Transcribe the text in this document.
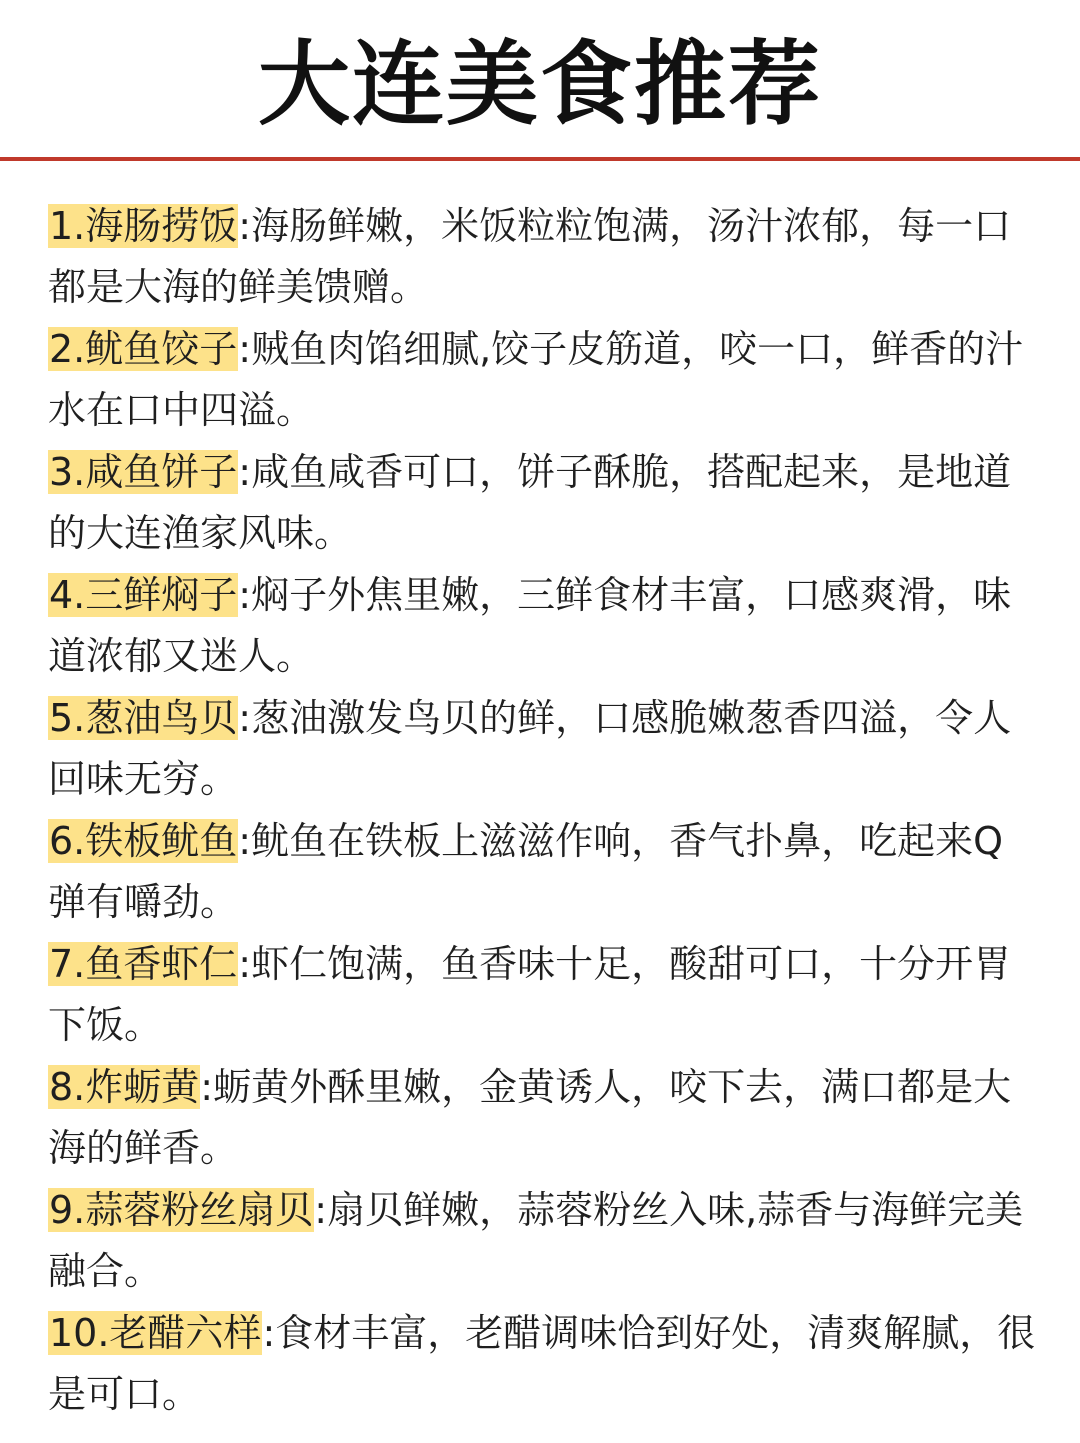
大连美食推荐
1.海肠捞饭:海肠鲜嫩，米饭粒粒饱满，汤汁浓郁，每一口都是大海的鲜美馈赠。
2.鱿鱼饺子:贼鱼肉馅细腻,饺子皮筋道，咬一口，鲜香的汁水在口中四溢。
3.咸鱼饼子:咸鱼咸香可口，饼子酥脆，搭配起来，是地道的大连渔家风味。
4.三鲜焖子:焖子外焦里嫩，三鲜食材丰富，口感爽滑，味道浓郁又迷人。
5.葱油鸟贝:葱油激发鸟贝的鲜，口感脆嫩葱香四溢，令人回味无穷。
6.铁板鱿鱼:鱿鱼在铁板上滋滋作响，香气扑鼻，吃起来Q弹有嚼劲。
7.鱼香虾仁:虾仁饱满，鱼香味十足，酸甜可口，十分开胃下饭。
8.炸蛎黄:蛎黄外酥里嫩，金黄诱人，咬下去，满口都是大海的鲜香。
9.蒜蓉粉丝扇贝:扇贝鲜嫩，蒜蓉粉丝入味,蒜香与海鲜完美融合。
10.老醋六样:食材丰富，老醋调味恰到好处，清爽解腻，很是可口。
